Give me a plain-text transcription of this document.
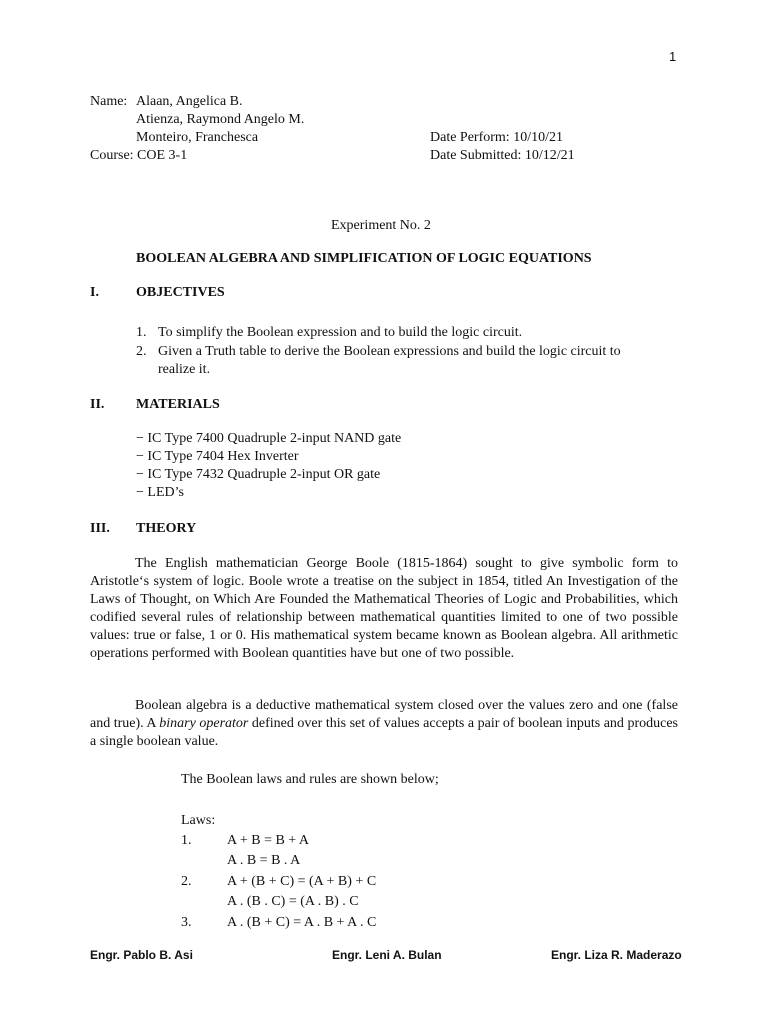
1
Name: Alaan, Angelica B.
Atienza, Raymond Angelo M.
Monteiro, Franchesca
Course: COE 3-1
Date Perform: 10/10/21
Date Submitted: 10/12/21
Experiment No. 2
BOOLEAN ALGEBRA AND SIMPLIFICATION OF LOGIC EQUATIONS
I.	OBJECTIVES
1. To simplify the Boolean expression and to build the logic circuit.
2. Given a Truth table to derive the Boolean expressions and build the logic circuit to
realize it.
II. MATERIALS
− IC Type 7400 Quadruple 2-input NAND gate
− IC Type 7404 Hex Inverter
− IC Type 7432 Quadruple 2-input OR gate
− LED’s
III. THEORY
The English mathematician George Boole (1815-1864) sought to give symbolic form to Aristotle‘s system of logic. Boole wrote a treatise on the subject in 1854, titled An Investigation of the Laws of Thought, on Which Are Founded the Mathematical Theories of Logic and Probabilities, which codified several rules of relationship between mathematical quantities limited to one of two possible values: true or false, 1 or 0. His mathematical system became known as Boolean algebra. All arithmetic operations performed with Boolean quantities have but one of two possible.
Boolean algebra is a deductive mathematical system closed over the values zero and one (false and true). A binary operator defined over this set of values accepts a pair of boolean inputs and produces a single boolean value.
The Boolean laws and rules are shown below;
Laws:
1.	A + B = B + A
A . B = B . A
2.	A + (B + C) = (A + B) + C
A . (B . C) = (A . B) . C
3.	A . (B + C) = A . B + A . C
Engr. Pablo B. Asi	Engr. Leni A. Bulan	Engr. Liza R. Maderazo
